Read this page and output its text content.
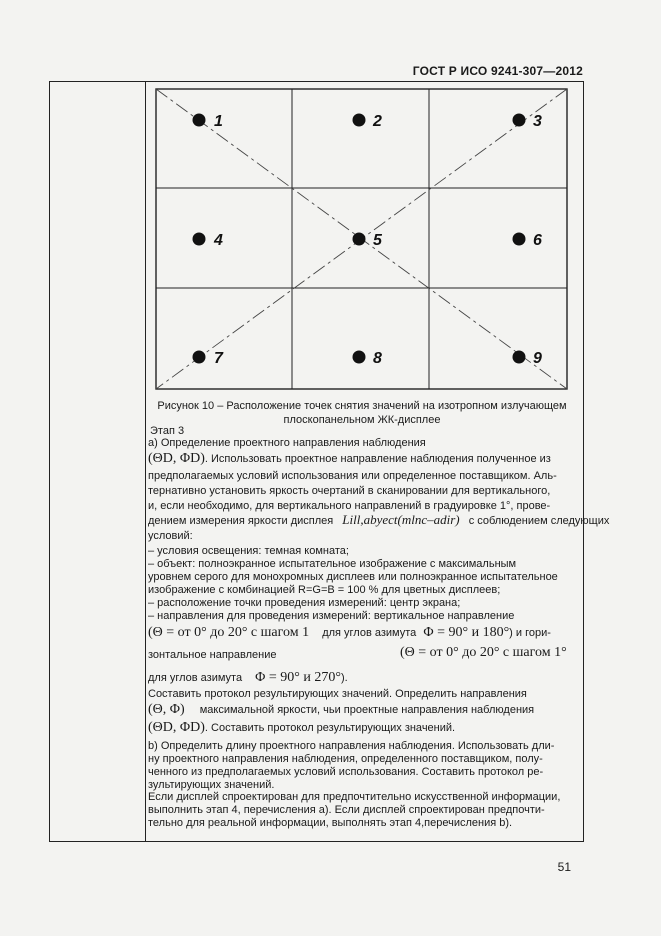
ГОСТ Р ИСО 9241-307—2012
1	2	3
4	5	6
7	8	9
Рисунок 10 – Расположение точек снятия значений на изотропном излучающем
плоскопанельном ЖК-дисплее
Этап 3
а) Определение проектного направления наблюдения
(ΘD, ΦD). Использовать проектное направление наблюдения полученное из
предполагаемых условий использования или определенное поставщиком. Аль-
тернативно установить яркость очертаний в сканировании для вертикального,
и, если необходимо, для вертикального направлений в градуировке 1°, прове-
дением измерения яркости дисплея Lill,abyect(mlnc–adir) с соблюдением следующих
условий:
– условия освещения: темная комната;
– объект: полноэкранное испытательное изображение с максимальным
уровнем серого для монохромных дисплеев или полноэкранное испытательное
изображение с комбинацией R=G=B = 100 % для цветных дисплеев;
– расположение точки проведения измерений: центр экрана;
– направления для проведения измерений: вертикальное направление
(Θ = от 0° до 20° с шагом 1 для углов азимута Φ = 90° и 180°) и гори-
зонтальное направление	(Θ = от 0° до 20° с шагом 1°
для углов азимута Φ = 90° и 270°).
Составить протокол результирующих значений. Определить направления
(Θ, Φ) максимальной яркости, чьи проектные направления наблюдения
(ΘD, ΦD). Составить протокол результирующих значений.
b) Определить длину проектного направления наблюдения. Использовать дли-
ну проектного направления наблюдения, определенного поставщиком, полу-
ченного из предполагаемых условий использования. Составить протокол ре-
зультирующих значений.
Если дисплей спроектирован для предпочтительно искусственной информации,
выполнить этап 4, перечисления а). Если дисплей спроектирован предпочти-
тельно для реальной информации, выполнять этап 4,перечисления b).
51
